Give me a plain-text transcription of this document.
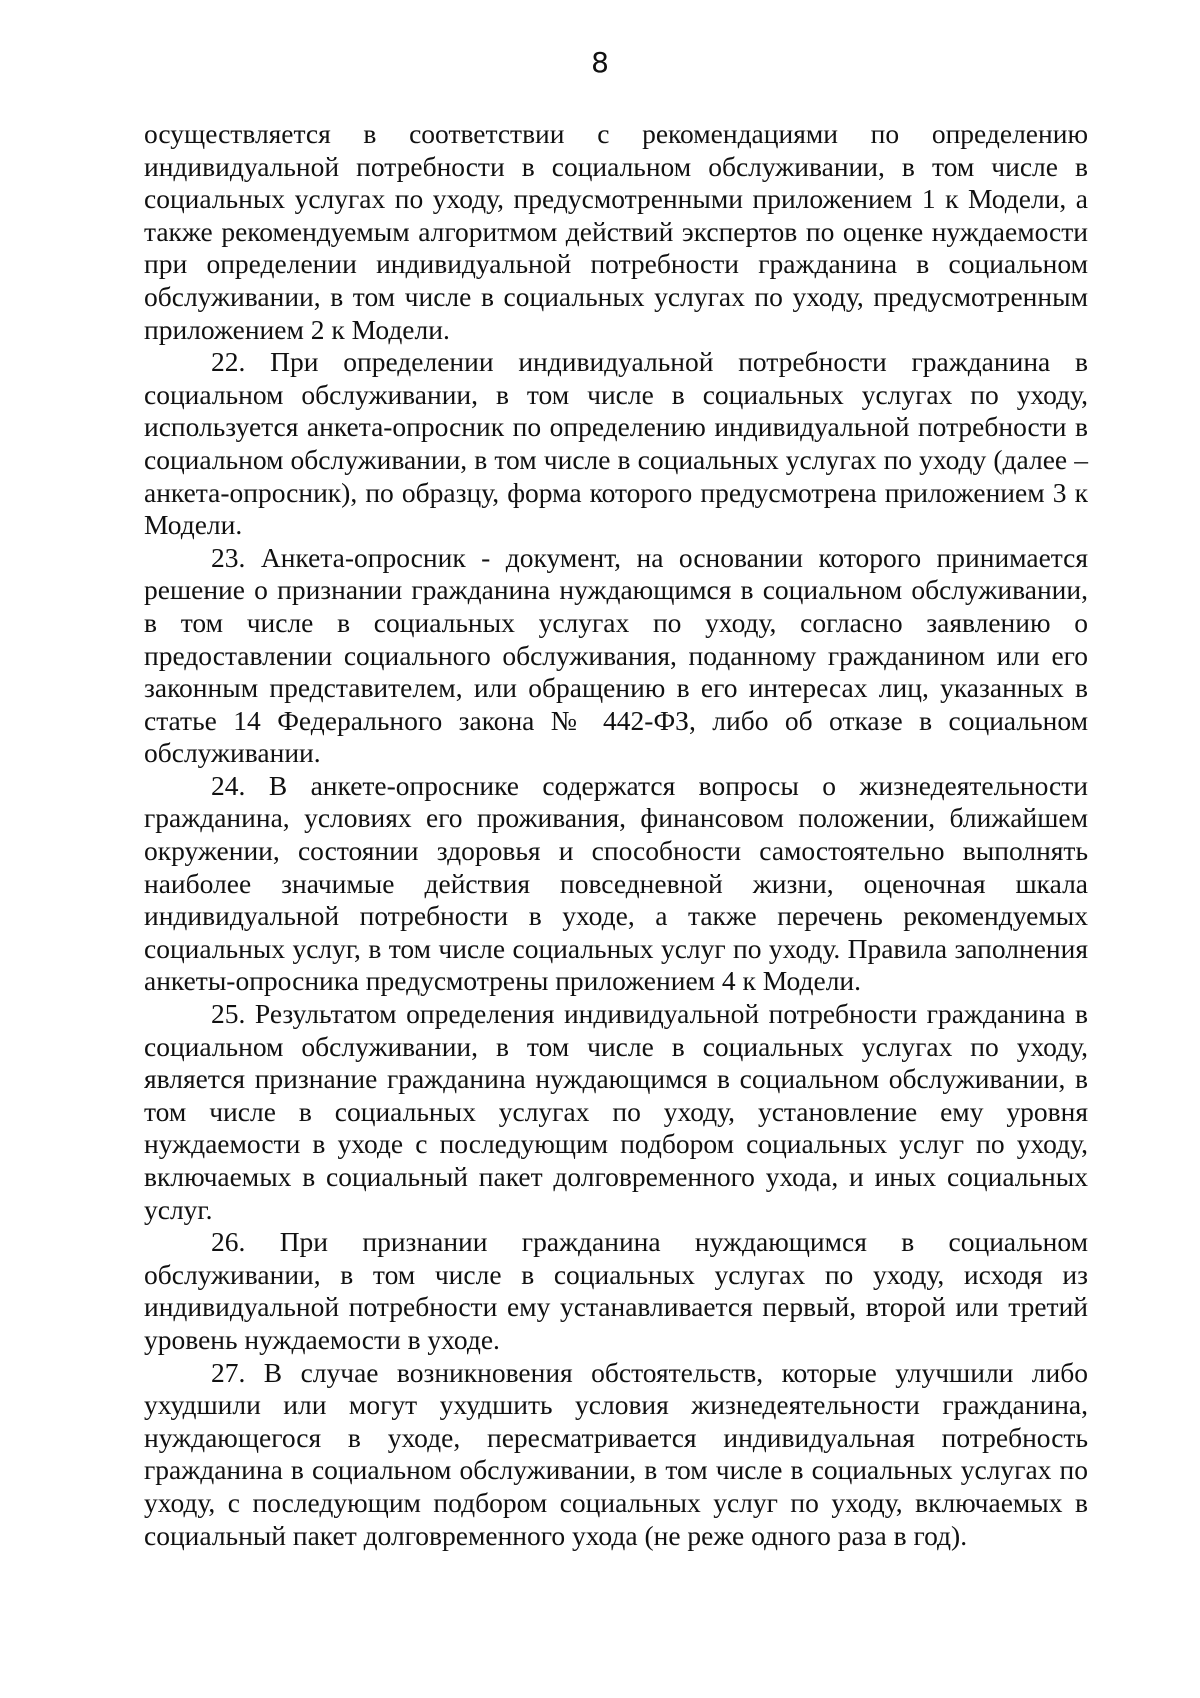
8

осуществляется в соответствии с рекомендациями по определению индивидуальной потребности в социальном обслуживании, в том числе в социальных услугах по уходу, предусмотренными приложением 1 к Модели, а также рекомендуемым алгоритмом действий экспертов по оценке нуждаемости при определении индивидуальной потребности гражданина в социальном обслуживании, в том числе в социальных услугах по уходу, предусмотренным приложением 2 к Модели.

22. При определении индивидуальной потребности гражданина в социальном обслуживании, в том числе в социальных услугах по уходу, используется анкета-опросник по определению индивидуальной потребности в социальном обслуживании, в том числе в социальных услугах по уходу (далее – анкета-опросник), по образцу, форма которого предусмотрена приложением 3 к Модели.

23. Анкета-опросник - документ, на основании которого принимается решение о признании гражданина нуждающимся в социальном обслуживании, в том числе в социальных услугах по уходу, согласно заявлению о предоставлении социального обслуживания, поданному гражданином или его законным представителем, или обращению в его интересах лиц, указанных в статье 14 Федерального закона № 442-ФЗ, либо об отказе в социальном обслуживании.

24. В анкете-опроснике содержатся вопросы о жизнедеятельности гражданина, условиях его проживания, финансовом положении, ближайшем окружении, состоянии здоровья и способности самостоятельно выполнять наиболее значимые действия повседневной жизни, оценочная шкала индивидуальной потребности в уходе, а также перечень рекомендуемых социальных услуг, в том числе социальных услуг по уходу. Правила заполнения анкеты-опросника предусмотрены приложением 4 к Модели.

25. Результатом определения индивидуальной потребности гражданина в социальном обслуживании, в том числе в социальных услугах по уходу, является признание гражданина нуждающимся в социальном обслуживании, в том числе в социальных услугах по уходу, установление ему уровня нуждаемости в уходе с последующим подбором социальных услуг по уходу, включаемых в социальный пакет долговременного ухода, и иных социальных услуг.

26. При признании гражданина нуждающимся в социальном обслуживании, в том числе в социальных услугах по уходу, исходя из индивидуальной потребности ему устанавливается первый, второй или третий уровень нуждаемости в уходе.

27. В случае возникновения обстоятельств, которые улучшили либо ухудшили или могут ухудшить условия жизнедеятельности гражданина, нуждающегося в уходе, пересматривается индивидуальная потребность гражданина в социальном обслуживании, в том числе в социальных услугах по уходу, с последующим подбором социальных услуг по уходу, включаемых в социальный пакет долговременного ухода (не реже одного раза в год).
